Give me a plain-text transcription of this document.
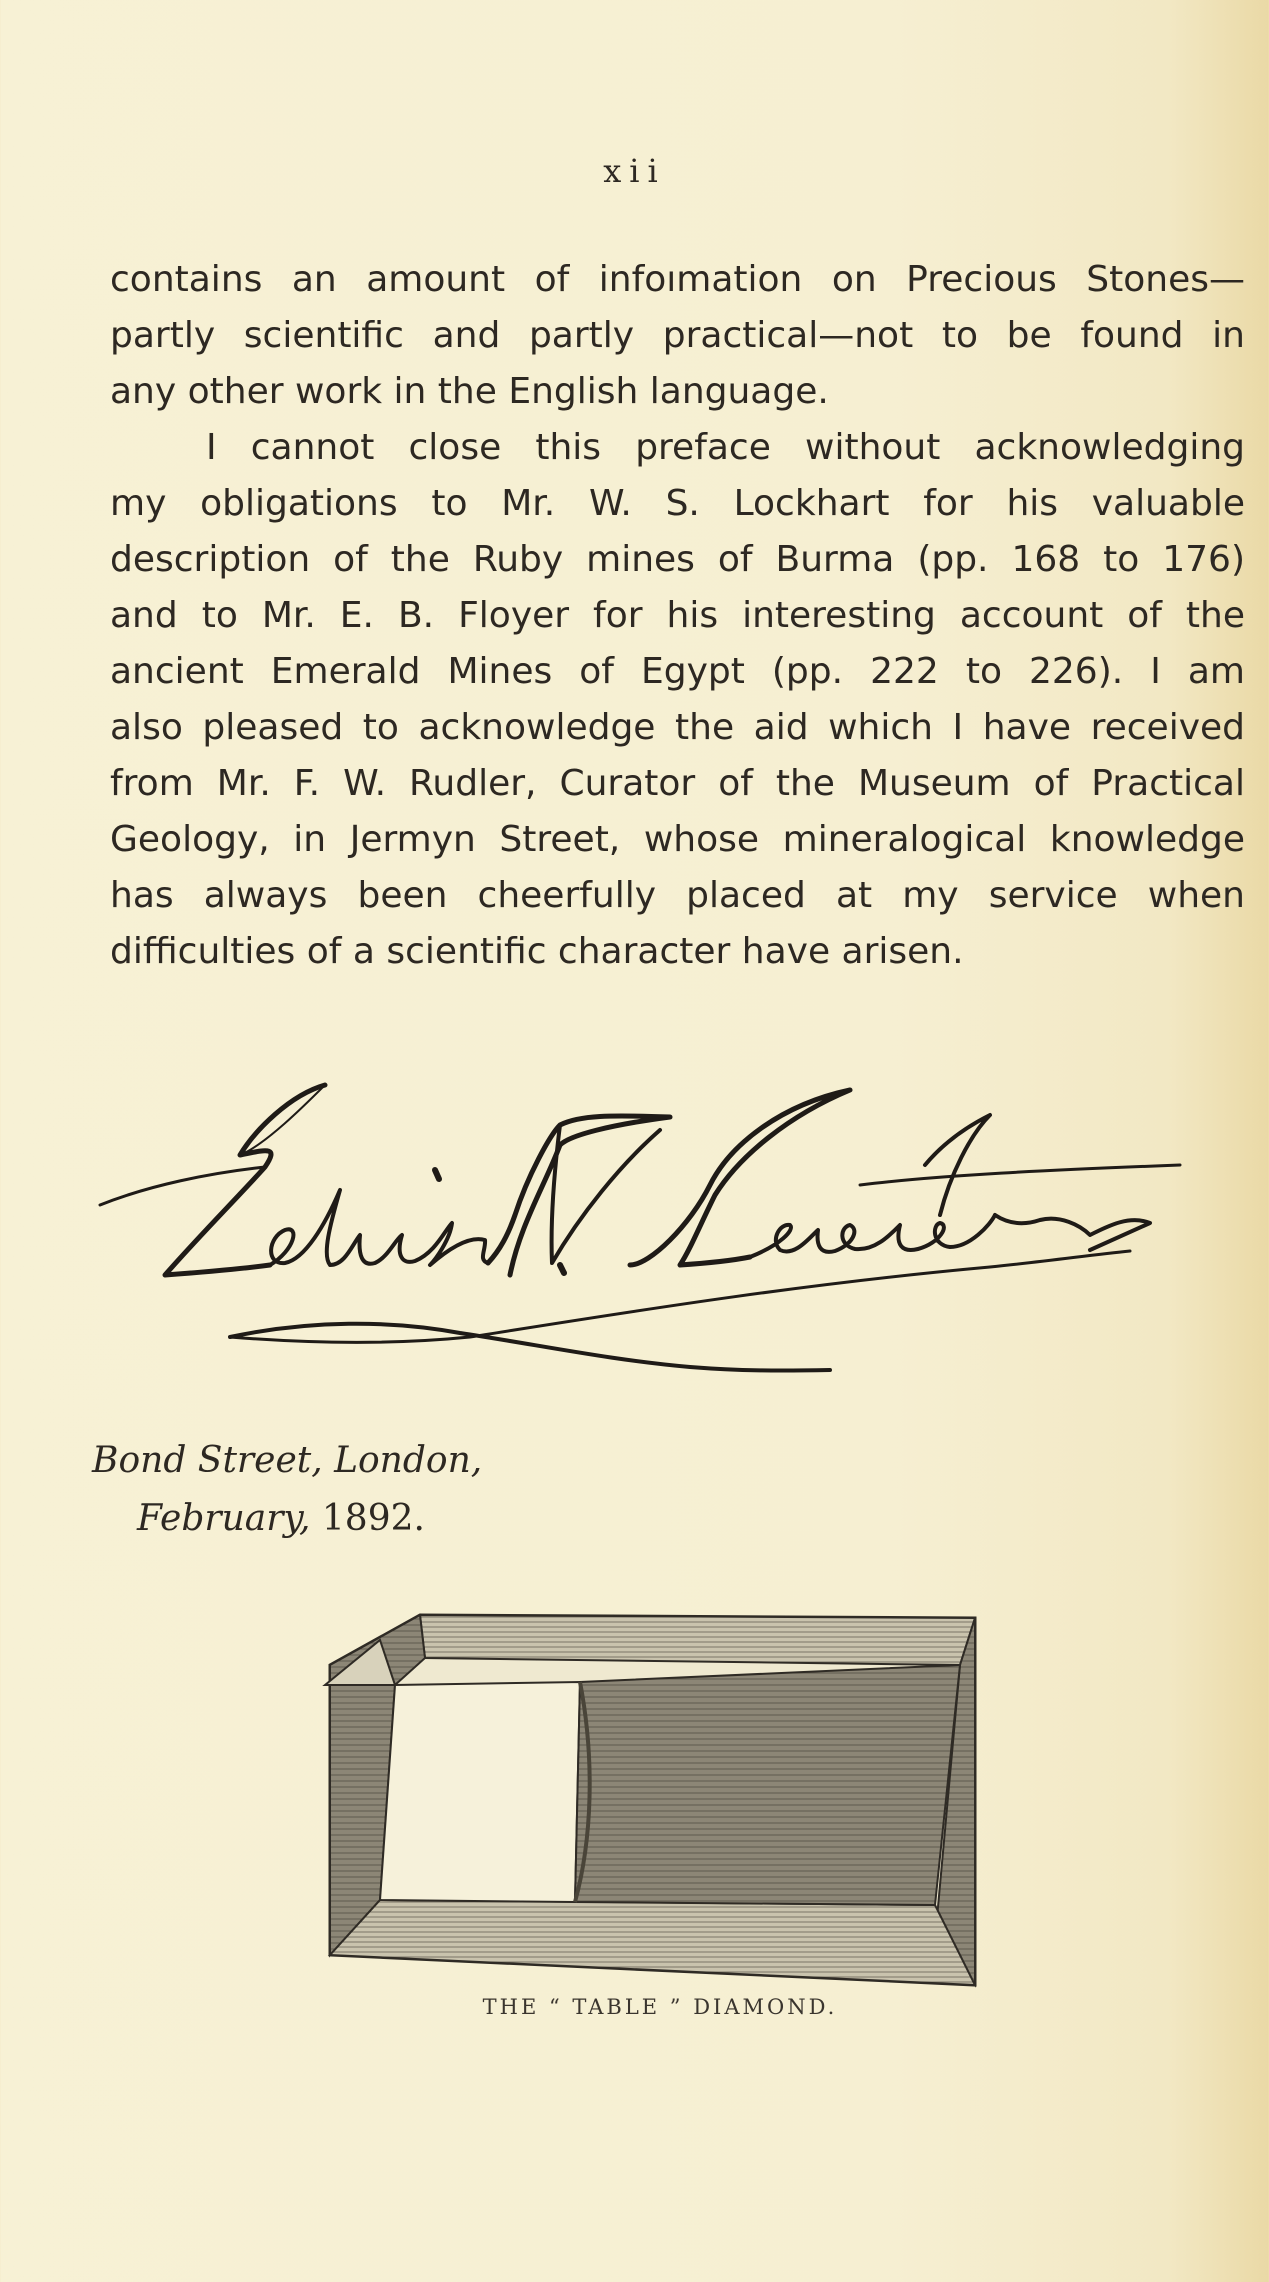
xii
contains an amount of infoımation on Precious Stones—
partly scientific and partly practical—not to be found in
any other work in the English language.
I cannot close this preface without acknowledging
my obligations to Mr. W. S. Lockhart for his valuable
description of the Ruby mines of Burma (pp. 168 to 176)
and to Mr. E. B. Floyer for his interesting account of the
ancient Emerald Mines of Egypt (pp. 222 to 226). I am
also pleased to acknowledge the aid which I have received
from Mr. F. W. Rudler, Curator of the Museum of Practical
Geology, in Jermyn Street, whose mineralogical knowledge
has always been cheerfully placed at my service when
difficulties of a scientific character have arisen.
Bond Street, London,
February, 1892.
THE “ TABLE ” DIAMOND.
